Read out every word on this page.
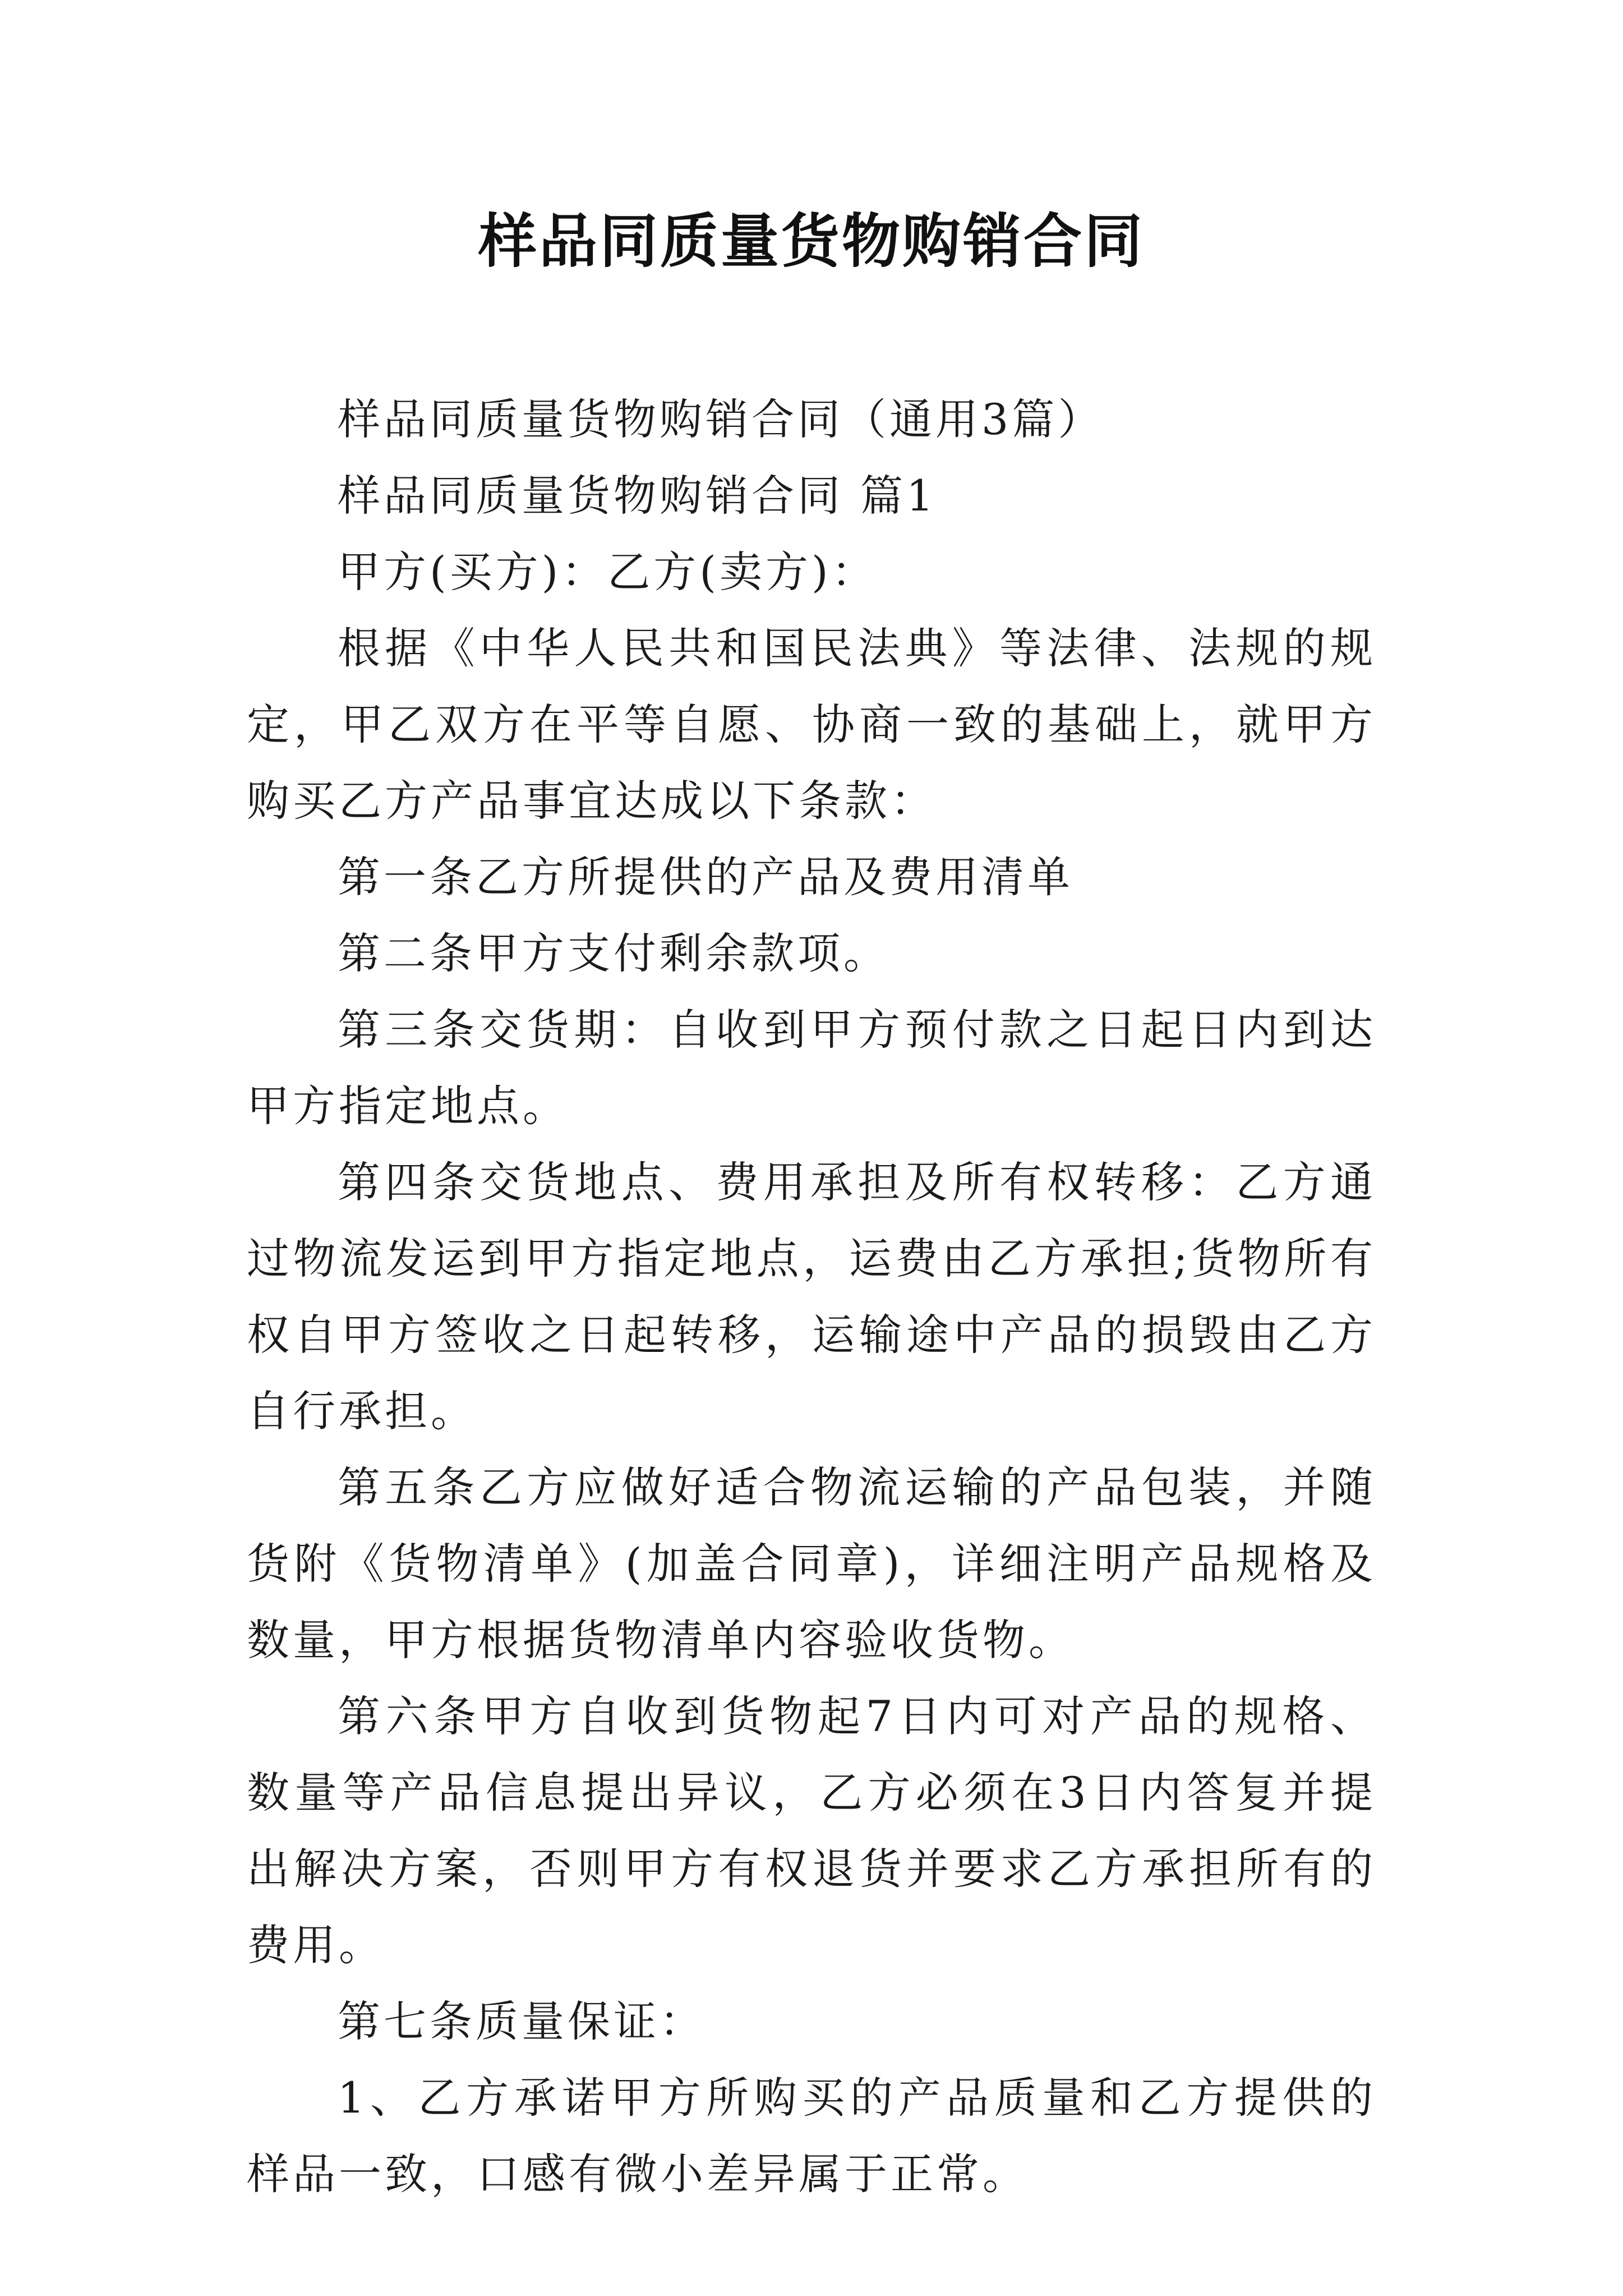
样品同质量货物购销合同

样品同质量货物购销合同（通用3篇）

样品同质量货物购销合同 篇1

甲方(买方)：乙方(卖方)：

根据《中华人民共和国民法典》等法律、法规的规定，甲乙双方在平等自愿、协商一致的基础上，就甲方购买乙方产品事宜达成以下条款：

第一条乙方所提供的产品及费用清单

第二条甲方支付剩余款项。

第三条交货期：自收到甲方预付款之日起日内到达甲方指定地点。

第四条交货地点、费用承担及所有权转移：乙方通过物流发运到甲方指定地点，运费由乙方承担;货物所有权自甲方签收之日起转移，运输途中产品的损毁由乙方自行承担。

第五条乙方应做好适合物流运输的产品包装，并随货附《货物清单》(加盖合同章)，详细注明产品规格及数量，甲方根据货物清单内容验收货物。

第六条甲方自收到货物起7日内可对产品的规格、数量等产品信息提出异议，乙方必须在3日内答复并提出解决方案，否则甲方有权退货并要求乙方承担所有的费用。

第七条质量保证：

1、乙方承诺甲方所购买的产品质量和乙方提供的样品一致，口感有微小差异属于正常。
